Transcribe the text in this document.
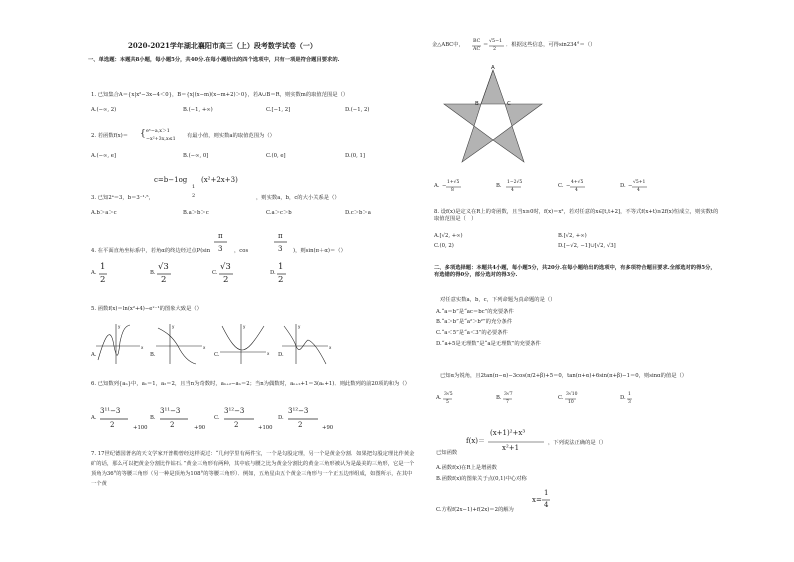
2020-2021学年湖北襄阳市高三（上）段考数学试卷（一）
一、单选题：本题共8小题，每小题5分，共40分.在每小题给出的四个选项中，只有一项是符合题目要求的.
1. 已知集合A＝{x|x²−3x−4＜0}，B＝{x|(x−m)(x−m+2)＞0}，若A∪B＝R，则实数m的取值范围是（）
A.(−∞, 2)	B.(−1, +∞)	C.[−1, 2]	D.(−1, 2)
2. 若函数f(x)＝ { eˣ−a,x＞1
−x²+3x,x≤1
有最小值，则实数a的取值范围为（）
A.(−∞, e]	B.(−∞, 0]	C.(0, e]	D.(0, 1]
c=b−1og
1
2
(x²+2x+3)
3. 已知2ᵃ＝3，b＝3⁻¹·⁵，	，则实数a，b，c的大小关系是（）
A.b＞a＞c	B.a＞b＞c	C.a＞c＞b	D.c＞b＞a
π
3
π
3
4. 在平面直角坐标系中，若角α的终边经过点P(sin	，cos	)，则sin(π＋α)＝（）
A.
1
2
B.
√3
2
C.
√3
2
D.
1
2
5. 函数f(x)＝ln(x²+4)−eˣ⁻¹的图象大致是（）
A.	B.	C.	D.
x	x
x
x
y	y	y	y
6. 已知数列{aₙ}中，a₁＝1，a₂＝2，且当n为奇数时，aₙ₊₂−aₙ＝2；当n为偶数时，aₙ₊₂+1＝3(aₙ+1)．则此数列的前20项的和为（）
A.
3¹¹−3
2	+100
B.
3¹¹−3
2	+90
C.
3¹²−3
2	+100
D.
3¹²−3
2	+90
7. 17世纪德国著名的天文学家开普勒曾经这样说过：“几何学里有两件宝，一个是勾股定理，另一个是黄金分割．如果把勾股定理比作黄金矿的话，那么可以把黄金分割比作钻石．”黄金三角形有两种，其中底与腰之比为黄金分割比的黄金三角形被认为是最美的三角形，它是一个顶角为36°的等腰三角形（另一种是顶角为108°的等腰三角形）．例如，五角星由五个黄金三角形与一个正五边形组成，如图所示，在其中一个黄
金△ABC中，
BC
AC
＝
√5−1
2
．根据这些信息，可得sin234°＝（）
A
B	C
A. −
1+√5
8
B.
1−2√5
4
C. −
4+√5
4
D. −
√5+1
4
8. 设f(x)是定义在R上的奇函数，且当x≥0时，f(x)＝x²，若对任意的x∈[t,t+2]，不等式f(x+t)≥2f(x)恒成立，则实数t的取值范围是（　）
A.[√2, +∞)	B.[√2, +∞)
C.(0, 2)	D.[−√2, −1]∪[√2, √3]
二、多项选择题：本题共4小题，每小题5分，共20分.在每小题给出的选项中，有多项符合题目要求.全部选对的得5分，有选错的得0分，部分选对的得3分.
对任意实数a，b，c，下列命题为真命题的是（）
A.“a＝b”是“ac＝bc”的充要条件
B.“a＞b”是“a²＞b²”的充分条件
C.“a＜5”是“a＜3”的必要条件
D.“a+5是无理数”是“a是无理数”的充要条件
已知α为锐角，且2tan(π−α)−3cos(π/2+β)+5＝0，tan(π+α)+6sin(π+β)−1＝0，则sinα的值是（）
A.
3√5
5
B.
3√7
7
C.
3√10
10
D.
1
3
f(x)＝
(x+1)²+x³
x²+1
已知函数
，下列说法正确的是（）
A.函数f(x)在R上是增函数
B.函数f(x)的图象关于点(0,1)中心对称
C.方程f(2x−1)+f(2x)＝2的解为
x=
1
4
